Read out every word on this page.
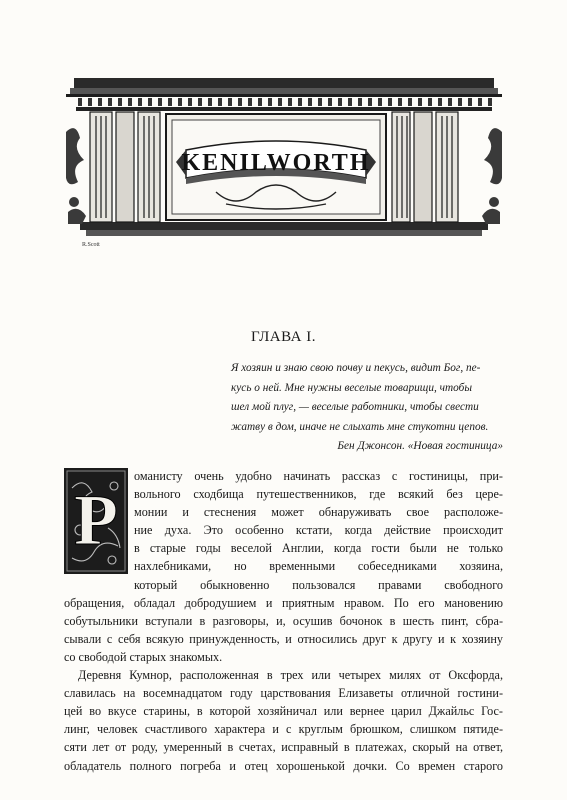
KENILWORTH
R.Scott
ГЛАВА I.
Я хозяин и знаю свою почву и пекусь, видит Бог, пе-
кусь о ней. Мне нужны веселые товарищи, чтобы
шел мой плуг, — веселые работники, чтобы свести
жатву в дом, иначе не слыхать мне стукотни цепов.
Бен Джонсон. «Новая гостиница»
Р
оманисту очень удобно начинать рассказ с гостиницы, при-
вольного сходбища путешественников, где всякий без цере-
монии и стеснения может обнаруживать свое расположе-
ние духа. Это особенно кстати, когда действие происходит
в старые годы веселой Англии, когда гости были не только
нахлебниками, но временными собеседниками хозяина,
который обыкновенно пользовался правами свободного
обращения, обладал добродушием и приятным нравом. По его мановению
собутыльники вступали в разговоры, и, осушив бочонок в шесть пинт, сбра-
сывали с себя всякую принужденность, и относились друг к другу и к хозяину
со свободой старых знакомых.
Деревня Кумнор, расположенная в трех или четырех милях от Оксфорда,
славилась на восемнадцатом году царствования Елизаветы отличной гостини-
цей во вкусе старины, в которой хозяйничал или вернее царил Джайльс Гос-
линг, человек счастливого характера и с круглым брюшком, слишком пятиде-
сяти лет от роду, умеренный в счетах, исправный в платежах, скорый на ответ,
обладатель полного погреба и отец хорошенькой дочки. Со времен старого
